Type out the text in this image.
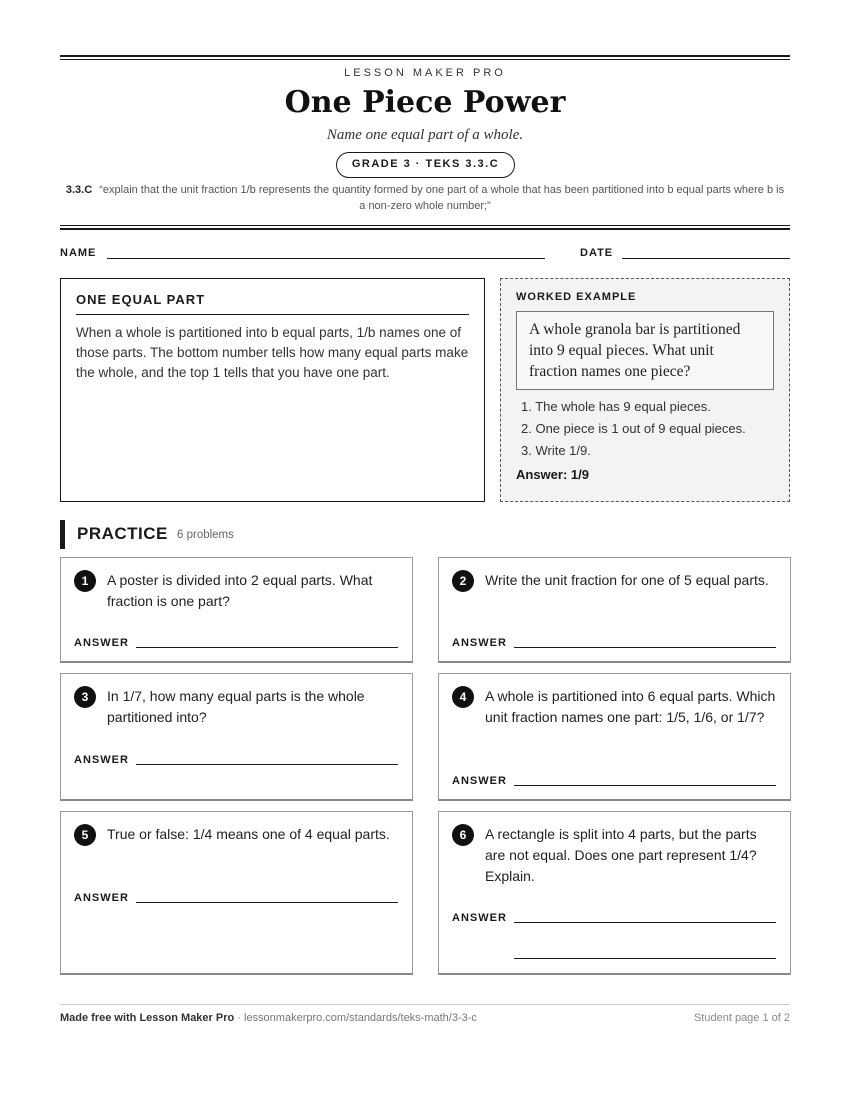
LESSON MAKER PRO
One Piece Power
Name one equal part of a whole.
GRADE 3 · TEKS 3.3.C
3.3.C “explain that the unit fraction 1/b represents the quantity formed by one part of a whole that has been partitioned into b equal parts where b is a non-zero whole number;”
NAME	DATE
ONE EQUAL PART

When a whole is partitioned into b equal parts, 1/b names one of those parts. The bottom number tells how many equal parts make the whole, and the top 1 tells that you have one part.

WORKED EXAMPLE
A whole granola bar is partitioned into 9 equal pieces. What unit fraction names one piece?
1. The whole has 9 equal pieces.
2. One piece is 1 out of 9 equal pieces.
3. Write 1/9.
Answer: 1/9
PRACTICE 6 problems
1	A poster is divided into 2 equal parts. What fraction is one part?
ANSWER
2	Write the unit fraction for one of 5 equal parts.
ANSWER
3	In 1/7, how many equal parts is the whole partitioned into?
ANSWER
4	A whole is partitioned into 6 equal parts. Which unit fraction names one part: 1/5, 1/6, or 1/7?
ANSWER
5	True or false: 1/4 means one of 4 equal parts.
ANSWER
6	A rectangle is split into 4 parts, but the parts are not equal. Does one part represent 1/4? Explain.
ANSWER
Made free with Lesson Maker Pro · lessonmakerpro.com/standards/teks-math/3-3-c	Student page 1 of 2
